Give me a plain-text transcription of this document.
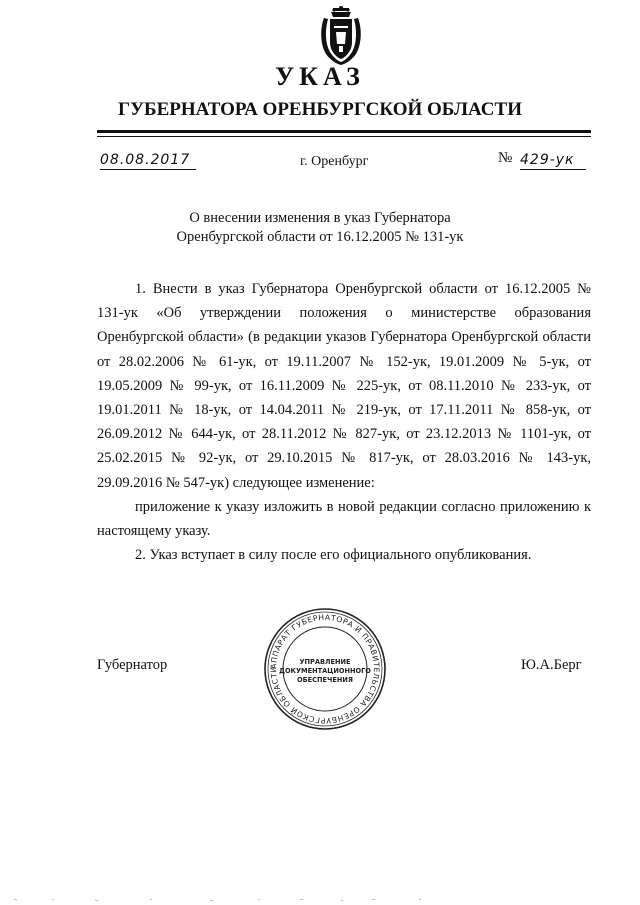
УКАЗ
ГУБЕРНАТОРА ОРЕНБУРГСКОЙ ОБЛАСТИ
08.08.2017	г. Оренбург	№ 429-ук
О внесении изменения в указ Губернатора
Оренбургской области от 16.12.2005 № 131-ук

1. Внести в указ Губернатора Оренбургской области от 16.12.2005 № 131-ук «Об утверждении положения о министерстве образования Оренбургской области» (в редакции указов Губернатора Оренбургской области от 28.02.2006 № 61-ук, от 19.11.2007 № 152-ук, 19.01.2009 № 5-ук, от 19.05.2009 № 99-ук, от 16.11.2009 № 225-ук, от 08.11.2010 № 233-ук, от 19.01.2011 № 18-ук, от 14.04.2011 № 219-ук, от 17.11.2011 № 858-ук, от 26.09.2012 № 644-ук, от 28.11.2012 № 827-ук, от 23.12.2013 № 1101-ук, от 25.02.2015 № 92-ук, от 29.10.2015 № 817-ук, от 28.03.2016 № 143-ук, 29.09.2016 № 547-ук) следующее изменение:

приложение к указу изложить в новой редакции согласно приложению к настоящему указу.

2. Указ вступает в силу после его официального опубликования.

Губернатор	Ю.А.Берг
АППАРАТ ГУБЕРНАТОРА И ПРАВИТЕЛЬСТВА ОРЕНБУРГСКОЙ ОБЛАСТИ
УПРАВЛЕНИЕ
ДОКУМЕНТАЦИОННОГО
ОБЕСПЕЧЕНИЯ
